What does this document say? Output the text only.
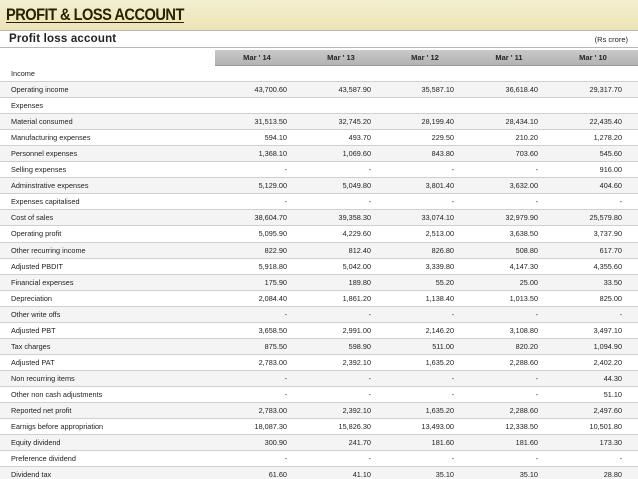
PROFIT & LOSS ACCOUNT
Profit loss account	(Rs crore)
Mar ' 14	Mar ' 13	Mar ' 12	Mar ' 11	Mar ' 10
Income
Operating income	43,700.60	43,587.90	35,587.10	36,618.40	29,317.70
Expenses
Material consumed	31,513.50	32,745.20	28,199.40	28,434.10	22,435.40
Manufacturing expenses	594.10	493.70	229.50	210.20	1,278.20
Personnel expenses	1,368.10	1,069.60	843.80	703.60	545.60
Selling expenses	-	-	-	-	916.00
Adminstrative expenses	5,129.00	5,049.80	3,801.40	3,632.00	404.60
Expenses capitalised	-	-	-	-	-
Cost of sales	38,604.70	39,358.30	33,074.10	32,979.90	25,579.80
Operating profit	5,095.90	4,229.60	2,513.00	3,638.50	3,737.90
Other recurring income	822.90	812.40	826.80	508.80	617.70
Adjusted PBDIT	5,918.80	5,042.00	3,339.80	4,147.30	4,355.60
Financial expenses	175.90	189.80	55.20	25.00	33.50
Depreciation	2,084.40	1,861.20	1,138.40	1,013.50	825.00
Other write offs	-	-	-	-	-
Adjusted PBT	3,658.50	2,991.00	2,146.20	3,108.80	3,497.10
Tax charges	875.50	598.90	511.00	820.20	1,094.90
Adjusted PAT	2,783.00	2,392.10	1,635.20	2,288.60	2,402.20
Non recurring items	-	-	-	-	44.30
Other non cash adjustments	-	-	-	-	51.10
Reported net profit	2,783.00	2,392.10	1,635.20	2,288.60	2,497.60
Earnigs before appropriation	18,087.30	15,826.30	13,493.00	12,338.50	10,501.80
Equity dividend	300.90	241.70	181.60	181.60	173.30
Preference dividend	-	-	-	-	-
Dividend tax	61.60	41.10	35.10	35.10	28.80
